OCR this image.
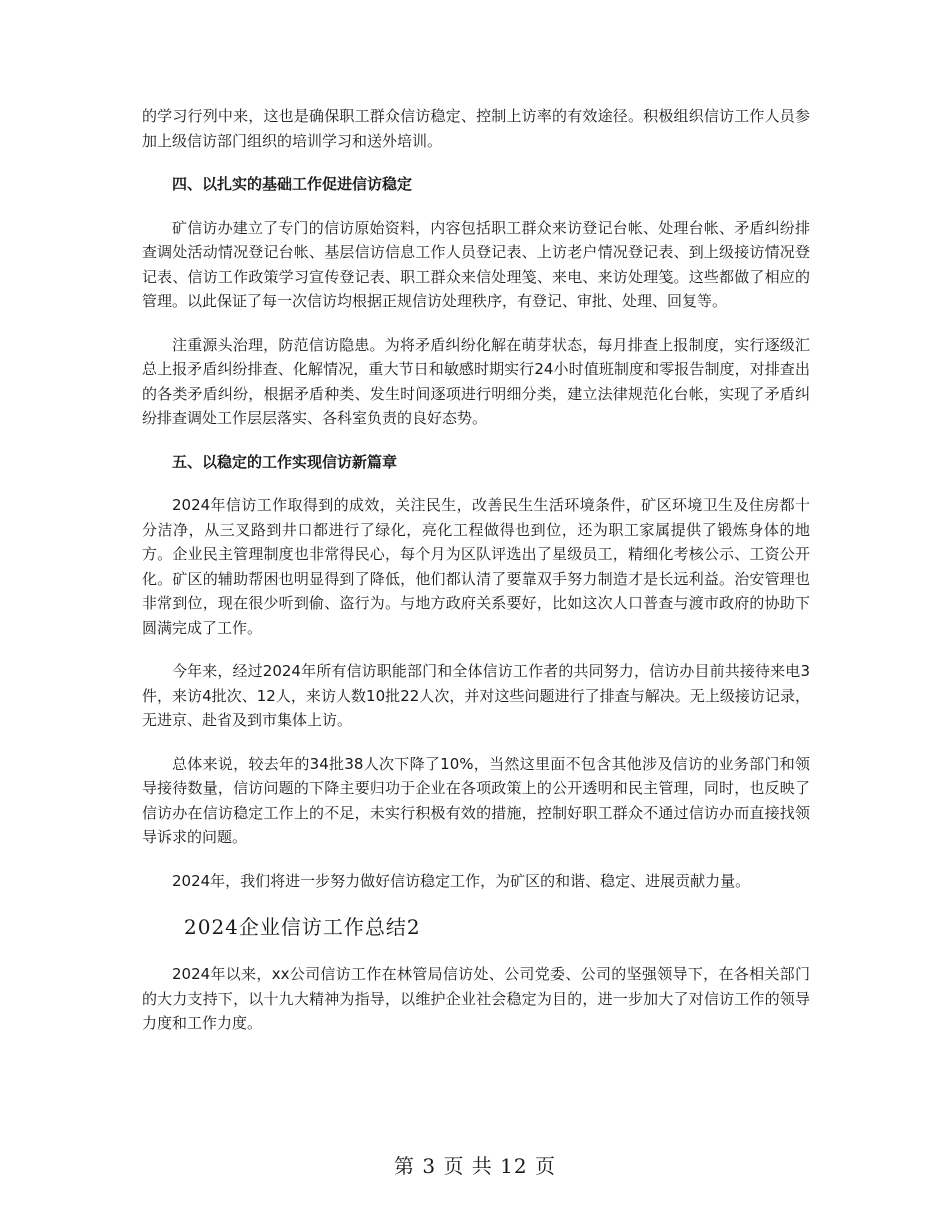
的学习行列中来，这也是确保职工群众信访稳定、控制上访率的有效途径。积极组织信访工作人员参加上级信访部门组织的培训学习和送外培训。

四、以扎实的基础工作促进信访稳定

矿信访办建立了专门的信访原始资料，内容包括职工群众来访登记台帐、处理台帐、矛盾纠纷排查调处活动情况登记台帐、基层信访信息工作人员登记表、上访老户情况登记表、到上级接访情况登记表、信访工作政策学习宣传登记表、职工群众来信处理笺、来电、来访处理笺。这些都做了相应的管理。以此保证了每一次信访均根据正规信访处理秩序，有登记、审批、处理、回复等。

注重源头治理，防范信访隐患。为将矛盾纠纷化解在萌芽状态，每月排查上报制度，实行逐级汇总上报矛盾纠纷排查、化解情况，重大节日和敏感时期实行24小时值班制度和零报告制度，对排查出的各类矛盾纠纷，根据矛盾种类、发生时间逐项进行明细分类，建立法律规范化台帐，实现了矛盾纠纷排查调处工作层层落实、各科室负责的良好态势。

五、以稳定的工作实现信访新篇章

2024年信访工作取得到的成效，关注民生，改善民生生活环境条件，矿区环境卫生及住房都十分洁净，从三叉路到井口都进行了绿化，亮化工程做得也到位，还为职工家属提供了锻炼身体的地方。企业民主管理制度也非常得民心，每个月为区队评选出了星级员工，精细化考核公示、工资公开化。矿区的辅助帮困也明显得到了降低，他们都认清了要靠双手努力制造才是长远利益。治安管理也非常到位，现在很少听到偷、盗行为。与地方政府关系要好，比如这次人口普查与渡市政府的协助下圆满完成了工作。

今年来，经过2024年所有信访职能部门和全体信访工作者的共同努力，信访办目前共接待来电3件，来访4批次、12人，来访人数10批22人次，并对这些问题进行了排查与解决。无上级接访记录，无进京、赴省及到市集体上访。

总体来说，较去年的34批38人次下降了10%，当然这里面不包含其他涉及信访的业务部门和领导接待数量，信访问题的下降主要归功于企业在各项政策上的公开透明和民主管理，同时，也反映了信访办在信访稳定工作上的不足，未实行积极有效的措施，控制好职工群众不通过信访办而直接找领导诉求的问题。

2024年，我们将进一步努力做好信访稳定工作，为矿区的和谐、稳定、进展贡献力量。

2024企业信访工作总结2

2024年以来，xx公司信访工作在林管局信访处、公司党委、公司的坚强领导下，在各相关部门的大力支持下，以十九大精神为指导，以维护企业社会稳定为目的，进一步加大了对信访工作的领导力度和工作力度。

第 3 页 共 12 页
